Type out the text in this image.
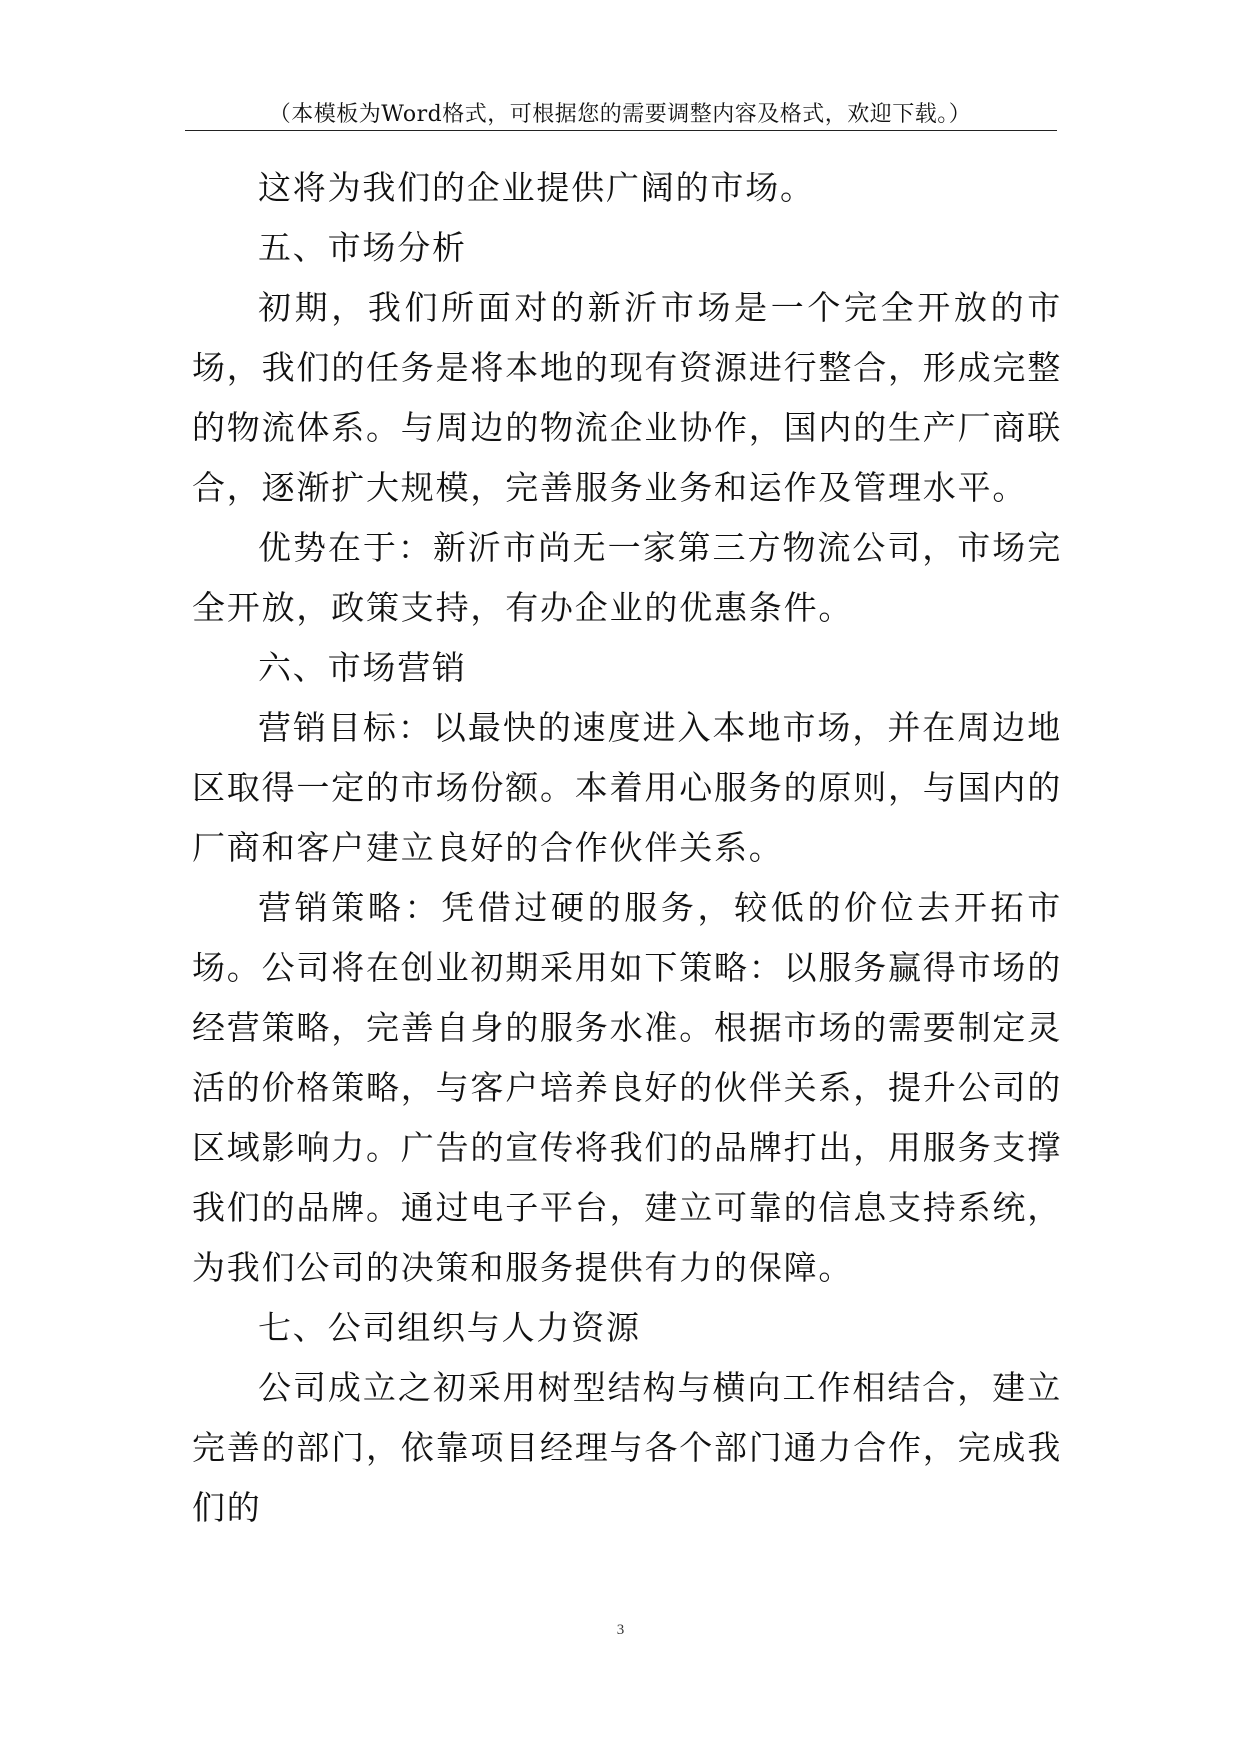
（本模板为Word格式，可根据您的需要调整内容及格式，欢迎下载。）

这将为我们的企业提供广阔的市场。

五、市场分析

初期，我们所面对的新沂市场是一个完全开放的市场，我们的任务是将本地的现有资源进行整合，形成完整的物流体系。与周边的物流企业协作，国内的生产厂商联合，逐渐扩大规模，完善服务业务和运作及管理水平。

优势在于：新沂市尚无一家第三方物流公司，市场完全开放，政策支持，有办企业的优惠条件。

六、市场营销

营销目标：以最快的速度进入本地市场，并在周边地区取得一定的市场份额。本着用心服务的原则，与国内的厂商和客户建立良好的合作伙伴关系。

营销策略：凭借过硬的服务，较低的价位去开拓市场。公司将在创业初期采用如下策略：以服务赢得市场的经营策略，完善自身的服务水准。根据市场的需要制定灵活的价格策略，与客户培养良好的伙伴关系，提升公司的区域影响力。广告的宣传将我们的品牌打出，用服务支撑我们的品牌。通过电子平台，建立可靠的信息支持系统，为我们公司的决策和服务提供有力的保障。

七、公司组织与人力资源

公司成立之初采用树型结构与横向工作相结合，建立完善的部门，依靠项目经理与各个部门通力合作，完成我们的

3
